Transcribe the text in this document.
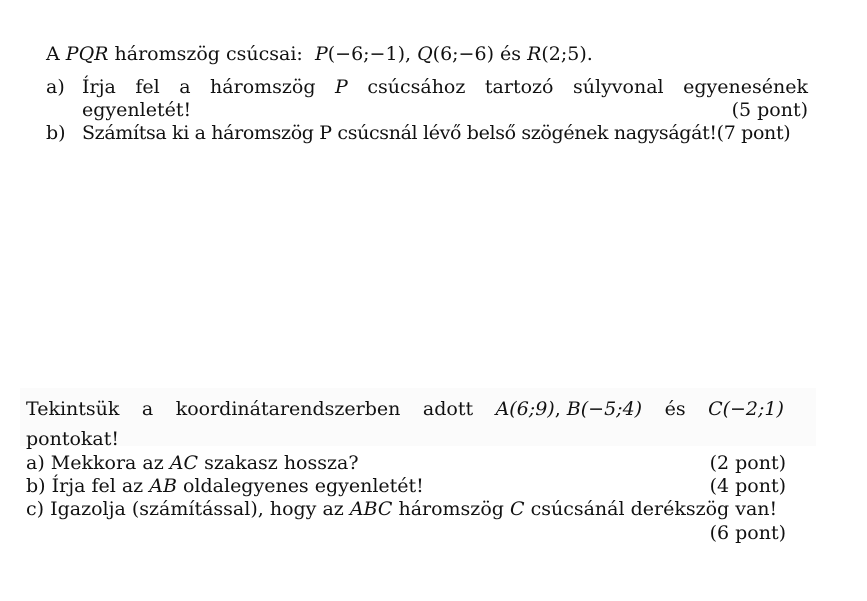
A PQR háromszög csúcsai: P(−6;−1), Q(6;−6) és R(2;5).
a) Írja fel a háromszög P csúcsához tartozó súlyvonal egyenesének
egyenletét!	(5 pont)
b) Számítsa ki a háromszög P csúcsnál lévő belső szögének nagyságát!(7 pont)
Tekintsük a koordinátarendszerben adott A(6;9), B(−5;4) és C(−2;1)
pontokat!
a) Mekkora az AC szakasz hossza?	(2 pont)
b) Írja fel az AB oldalegyenes egyenletét!	(4 pont)
c) Igazolja (számítással), hogy az ABC háromszög C csúcsánál derékszög van!
(6 pont)
